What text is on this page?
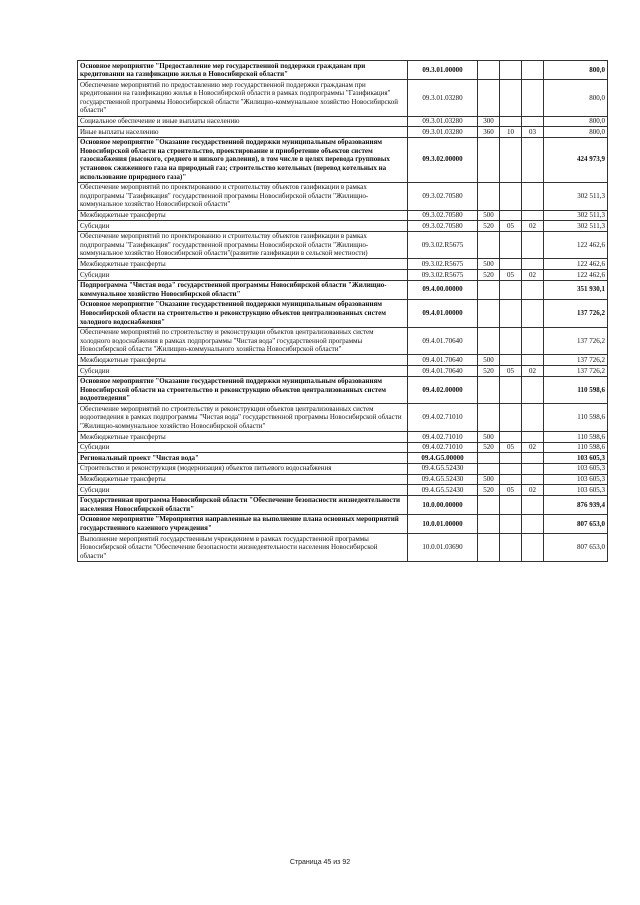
Основное мероприятие "Предоставление мер государственной поддержки гражданам при кредитовании на газификацию жилья в Новосибирской области"	09.3.01.00000				800,0
Обеспечение мероприятий по предоставлению мер государственной поддержки гражданам при кредитовании на газификацию жилья в Новосибирской области в рамках подпрограммы "Газификация" государственной программы Новосибирской области "Жилищно-коммунальное хозяйство Новосибирской области"	09.3.01.03280				800,0
Социальное обеспечение и иные выплаты населению	09.3.01.03280	300			800,0
Иные выплаты населению	09.3.01.03280	360	10	03	800,0
Основное мероприятие "Оказание государственной поддержки муниципальным образованиям Новосибирской области на строительство, проектирование и приобретение объектов систем газоснабжения (высокого, среднего и низкого давления), в том числе в целях перевода групповых установок сжиженного газа на природный газ; строительство котельных (перевод котельных на использование природного газа)"	09.3.02.00000				424 973,9
Обеспечение мероприятий по проектированию и строительству объектов газификации в рамках подпрограммы "Газификация" государственной программы Новосибирской области "Жилищно-коммунальное хозяйство Новосибирской области"	09.3.02.70580				302 511,3
Межбюджетные трансферты	09.3.02.70580	500			302 511,3
Субсидии	09.3.02.70580	520	05	02	302 511,3
Обеспечение мероприятий по проектированию и строительству объектов газификации в рамках подпрограммы "Газификация" государственной программы Новосибирской области "Жилищно-коммунальное хозяйство Новосибирской области"(развитие газификации в сельской местности)	09.3.02.R5675				122 462,6
Межбюджетные трансферты	09.3.02.R5675	500			122 462,6
Субсидии	09.3.02.R5675	520	05	02	122 462,6
Подпрограмма "Чистая вода" государственной программы Новосибирской области "Жилищно-коммунальное хозяйство Новосибирской области"	09.4.00.00000				351 930,1
Основное мероприятие "Оказание государственной поддержки муниципальным образованиям Новосибирской области на строительство и реконструкцию объектов централизованных систем холодного водоснабжения"	09.4.01.00000				137 726,2
Обеспечение мероприятий по строительству и реконструкции объектов централизованных систем холодного водоснабжения в рамках подпрограммы "Чистая вода" государственной программы Новосибирской области "Жилищно-коммунального хозяйства Новосибирской области"	09.4.01.70640				137 726,2
Межбюджетные трансферты	09.4.01.70640	500			137 726,2
Субсидии	09.4.01.70640	520	05	02	137 726,2
Основное мероприятие "Оказание государственной поддержки муниципальным образованиям Новосибирской области на строительство и реконструкцию объектов централизованных систем водоотведения"	09.4.02.00000				110 598,6
Обеспечение мероприятий по строительству и реконструкции объектов централизованных систем водоотведения в рамках подпрограммы "Чистая вода" государственной программы Новосибирской области "Жилищно-коммунальное хозяйство Новосибирской области"	09.4.02.71010				110 598,6
Межбюджетные трансферты	09.4.02.71010	500			110 598,6
Субсидии	09.4.02.71010	520	05	02	110 598,6
Региональный проект "Чистая вода"	09.4.G5.00000				103 605,3
Строительство и реконструкция (модернизация) объектов питьевого водоснабжения	09.4.G5.52430				103 605,3
Межбюджетные трансферты	09.4.G5.52430	500			103 605,3
Субсидии	09.4.G5.52430	520	05	02	103 605,3
Государственная программа Новосибирской области "Обеспечение безопасности жизнедеятельности населения Новосибирской области"	10.0.00.00000				876 939,4
Основное мероприятие "Мероприятия направленные на выполнение плана основных мероприятий государственного казенного учреждения"	10.0.01.00000				807 653,0
Выполнение мероприятий государственным учреждением в рамках государственной программы Новосибирской области "Обеспечение безопасности жизнедеятельности населения Новосибирской области"	10.0.01.03690				807 653,0
Страница 45 из 92
